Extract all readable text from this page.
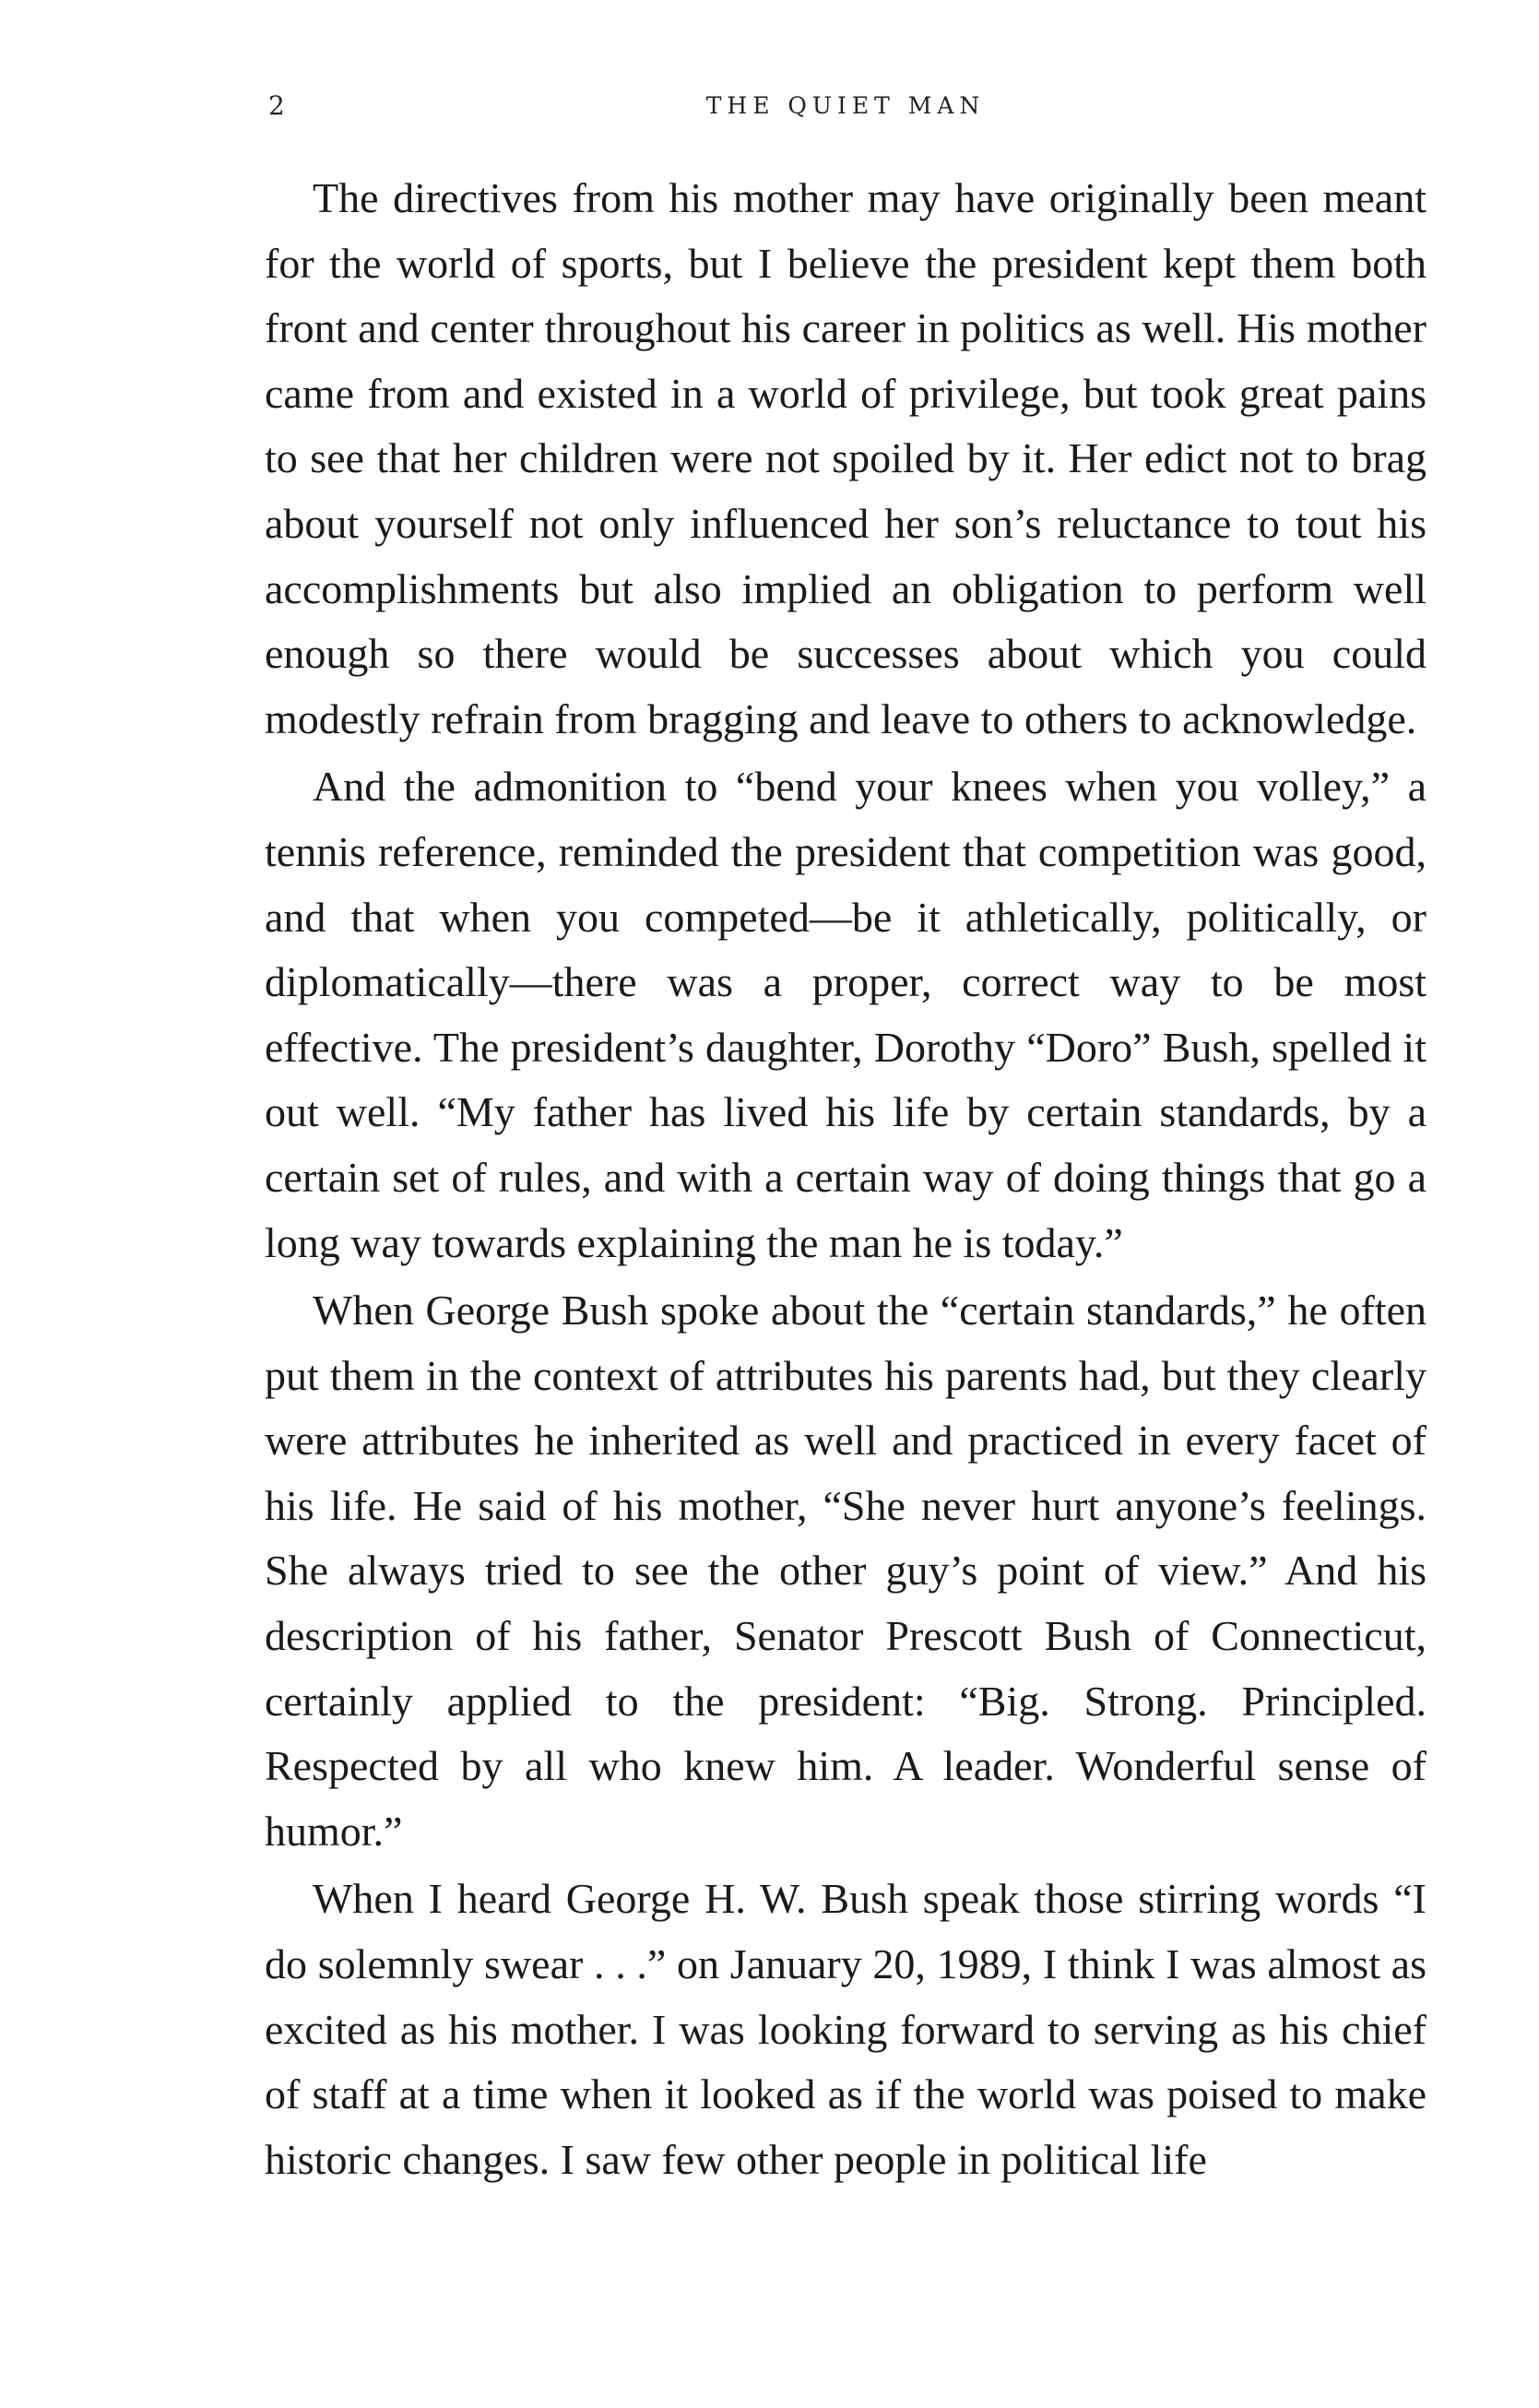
2	THE QUIET MAN

The directives from his mother may have originally been meant for the world of sports, but I believe the president kept them both front and center throughout his career in politics as well. His mother came from and existed in a world of privilege, but took great pains to see that her children were not spoiled by it. Her edict not to brag about yourself not only influenced her son’s reluctance to tout his accomplishments but also implied an obligation to perform well enough so there would be successes about which you could modestly refrain from bragging and leave to others to acknowledge.

And the admonition to “bend your knees when you volley,” a tennis reference, reminded the president that competition was good, and that when you competed—be it athletically, politically, or diplomatically—there was a proper, correct way to be most effective. The president’s daughter, Dorothy “Doro” Bush, spelled it out well. “My father has lived his life by certain standards, by a certain set of rules, and with a certain way of doing things that go a long way towards explaining the man he is today.”

When George Bush spoke about the “certain standards,” he often put them in the context of attributes his parents had, but they clearly were attributes he inherited as well and practiced in every facet of his life. He said of his mother, “She never hurt anyone’s feelings. She always tried to see the other guy’s point of view.” And his description of his father, Senator Prescott Bush of Connecticut, certainly applied to the president: “Big. Strong. Principled. Respected by all who knew him. A leader. Wonderful sense of humor.”

When I heard George H. W. Bush speak those stirring words “I do solemnly swear . . .” on January 20, 1989, I think I was almost as excited as his mother. I was looking forward to serving as his chief of staff at a time when it looked as if the world was poised to make historic changes. I saw few other people in political life
